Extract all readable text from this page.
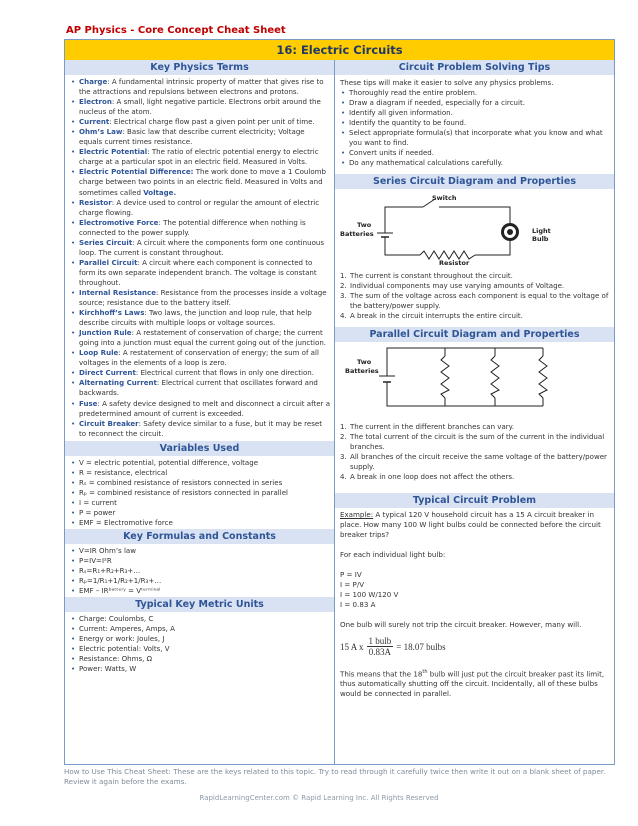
AP Physics - Core Concept Cheat Sheet
16: Electric Circuits
Key Physics Terms
• Charge: A fundamental intrinsic property of matter that gives rise to the attractions and repulsions between electrons and protons.
• Electron: A small, light negative particle. Electrons orbit around the nucleus of the atom.
• Current: Electrical charge flow past a given point per unit of time.
• Ohm’s Law: Basic law that describe current electricity; Voltage equals current times resistance.
• Electric Potential: The ratio of electric potential energy to electric charge at a particular spot in an electric field. Measured in Volts.
• Electric Potential Difference: The work done to move a 1 Coulomb charge between two points in an electric field. Measured in Volts and sometimes called Voltage.
• Resistor: A device used to control or regular the amount of electric charge flowing.
• Electromotive Force: The potential difference when nothing is connected to the power supply.
• Series Circuit: A circuit where the components form one continuous loop. The current is constant throughout.
• Parallel Circuit: A circuit where each component is connected to form its own separate independent branch. The voltage is constant throughout.
• Internal Resistance: Resistance from the processes inside a voltage source; resistance due to the battery itself.
• Kirchhoff’s Laws: Two laws, the junction and loop rule, that help describe circuits with multiple loops or voltage sources.
• Junction Rule: A restatement of conservation of charge; the current going into a junction must equal the current going out of the junction.
• Loop Rule: A restatement of conservation of energy; the sum of all voltages in the elements of a loop is zero.
• Direct Current: Electrical current that flows in only one direction.
• Alternating Current: Electrical current that oscillates forward and backwards.
• Fuse: A safety device designed to melt and disconnect a circuit after a predetermined amount of current is exceeded.
• Circuit Breaker: Safety device similar to a fuse, but it may be reset to reconnect the circuit.
Variables Used
• V = electric potential, potential difference, voltage
• R = resistance, electrical
• Rₛ = combined resistance of resistors connected in series
• Rₚ = combined resistance of resistors connected in parallel
• I = current
• P = power
• EMF = Electromotive force
Key Formulas and Constants
• V=IR Ohm’s law
• P=IV=I²R
• Rₛ=R₁+R₂+R₃+…
• Rₚ=1/R₁+1/R₂+1/R₃+…
• EMF – IRᵇᵃᵗᵗᵉʳʸ = Vᵗᵉʳᵐⁱⁿᵃˡ
Typical Key Metric Units
• Charge: Coulombs, C
• Current: Amperes, Amps, A
• Energy or work: Joules, J
• Electric potential: Volts, V
• Resistance: Ohms, Ω
• Power: Watts, W
Circuit Problem Solving Tips
These tips will make it easier to solve any physics problems.
• Thoroughly read the entire problem.
• Draw a diagram if needed, especially for a circuit.
• Identify all given information.
• Identify the quantity to be found.
• Select appropriate formula(s) that incorporate what you know and what you want to find.
• Convert units if needed.
• Do any mathematical calculations carefully.
Series Circuit Diagram and Properties
Switch
Two
Batteries	Light
Bulb
Resistor
1. The current is constant throughout the circuit.
2. Individual components may use varying amounts of Voltage.
3. The sum of the voltage across each component is equal to the voltage of the battery/power supply.
4. A break in the circuit interrupts the entire circuit.
Parallel Circuit Diagram and Properties
Two
Batteries
1. The current in the different branches can vary.
2. The total current of the circuit is the sum of the current in the individual branches.
3. All branches of the circuit receive the same voltage of the battery/power supply.
4. A break in one loop does not affect the others.
Typical Circuit Problem

Example: A typical 120 V household circuit has a 15 A circuit breaker in place. How many 100 W light bulbs could be connected before the circuit breaker trips?

For each individual light bulb:

P = IV
I = P/V
I = 100 W/120 V
I = 0.83 A

One bulb will surely not trip the circuit breaker. However, many will.

15 A x
1 bulb
0.83A
= 18.07 bulbs

This means that the 18th bulb will just put the circuit breaker past its limit, thus automatically shutting off the circuit. Incidentally, all of these bulbs would be connected in parallel.

How to Use This Cheat Sheet: These are the keys related to this topic. Try to read through it carefully twice then write it out on a blank sheet of paper. Review it again before the exams.
RapidLearningCenter.com © Rapid Learning Inc. All Rights Reserved
